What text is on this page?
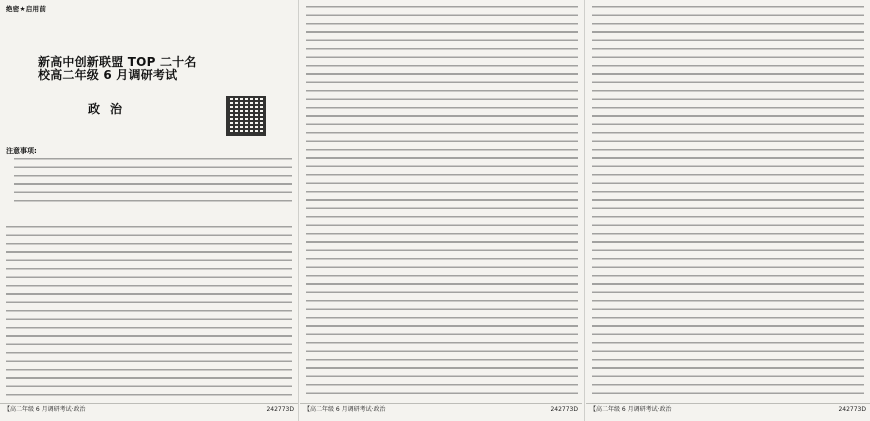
绝密★启用前
新高中创新联盟 TOP 二十名校高二年级 6 月调研考试
政治
注意事项:
【高二年级 6 月调研考试·政治	242773D 【高二年级 6 月调研考试·政治	242773D 【高二年级 6 月调研考试·政治	242773D
